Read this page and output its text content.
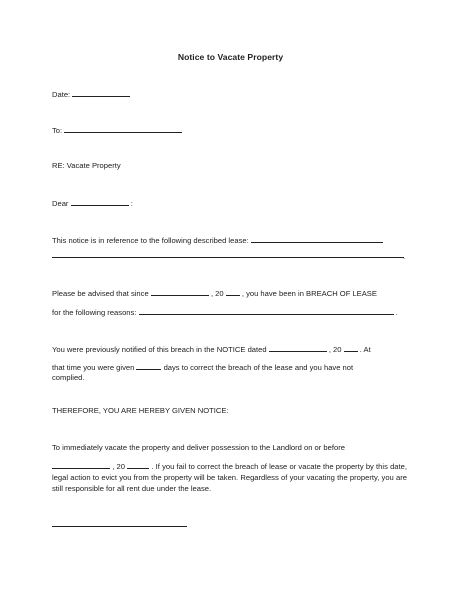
Notice to Vacate Property
Date:
To:
RE: Vacate Property
Dear	:
This notice is in reference to the following described lease:
.
Please be advised that since	, 20 , you have been in BREACH OF LEASE
for the following reasons:	.
You were previously notified of this breach in the NOTICE dated	, 20 . At
that time you were given	days to correct the breach of the lease and you have not
complied.
THEREFORE, YOU ARE HEREBY GIVEN NOTICE:
To immediately vacate the property and deliver possession to the Landlord on or before
, 20	. If you fail to correct the breach of lease or vacate the property by this date, legal action to evict you from the property will be taken. Regardless of your vacating the property, you are still responsible for all rent due under the lease.
